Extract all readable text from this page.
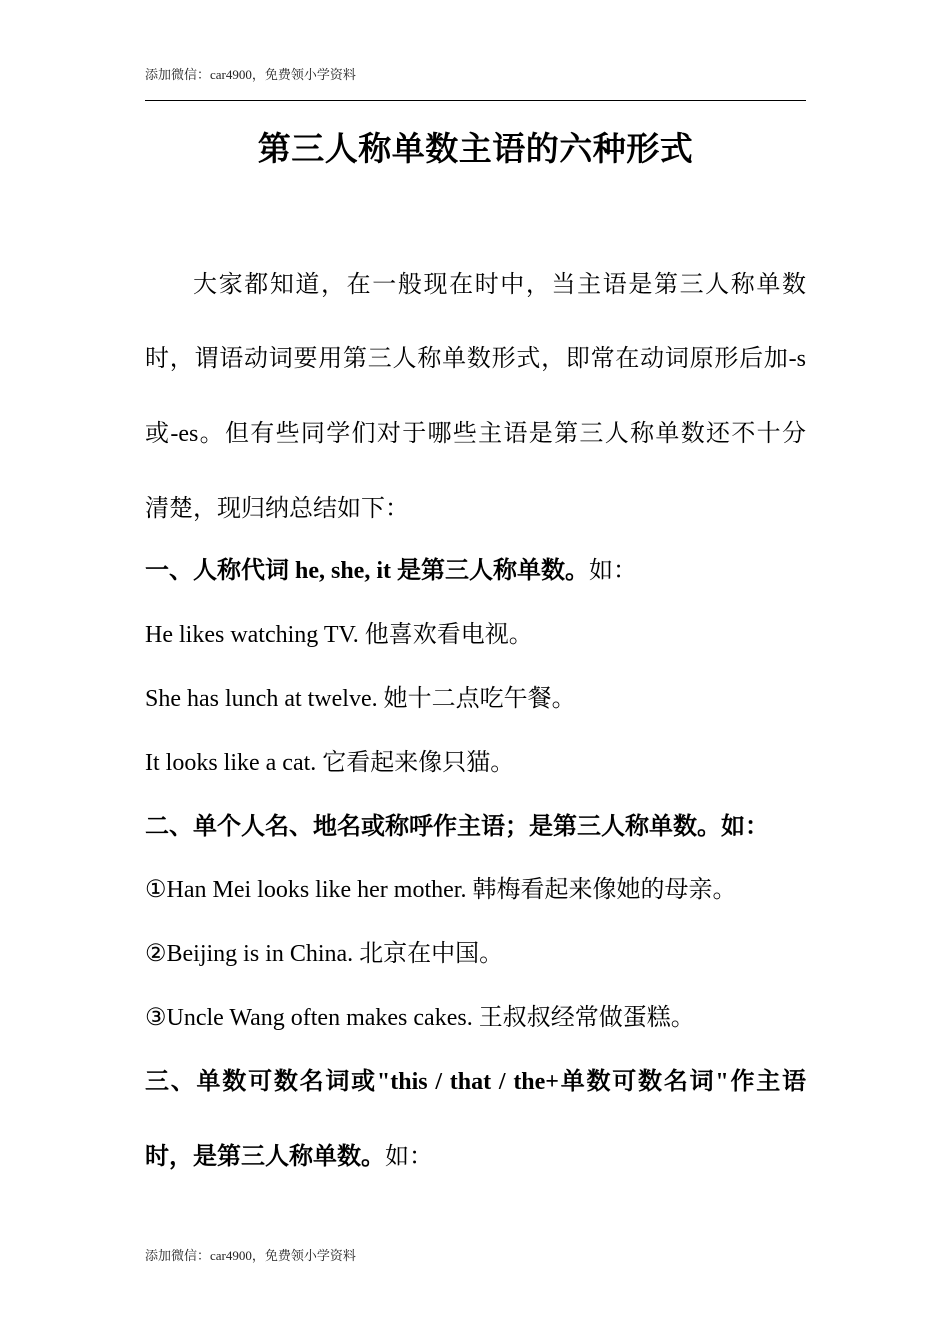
添加微信：car4900，免费领小学资料
第三人称单数主语的六种形式
大家都知道，在一般现在时中，当主语是第三人称单数
时，谓语动词要用第三人称单数形式，即常在动词原形后加-s
或-es。但有些同学们对于哪些主语是第三人称单数还不十分
清楚，现归纳总结如下：
一、人称代词 he, she, it 是第三人称单数。如：
He likes watching TV. 他喜欢看电视。
She has lunch at twelve. 她十二点吃午餐。
It looks like a cat. 它看起来像只猫。
二、单个人名、地名或称呼作主语；是第三人称单数。如：
①Han Mei looks like her mother. 韩梅看起来像她的母亲。
②Beijing is in China. 北京在中国。
③Uncle Wang often makes cakes. 王叔叔经常做蛋糕。
三、单数可数名词或"this / that / the+单数可数名词"作主语
时，是第三人称单数。如：
添加微信：car4900，免费领小学资料
